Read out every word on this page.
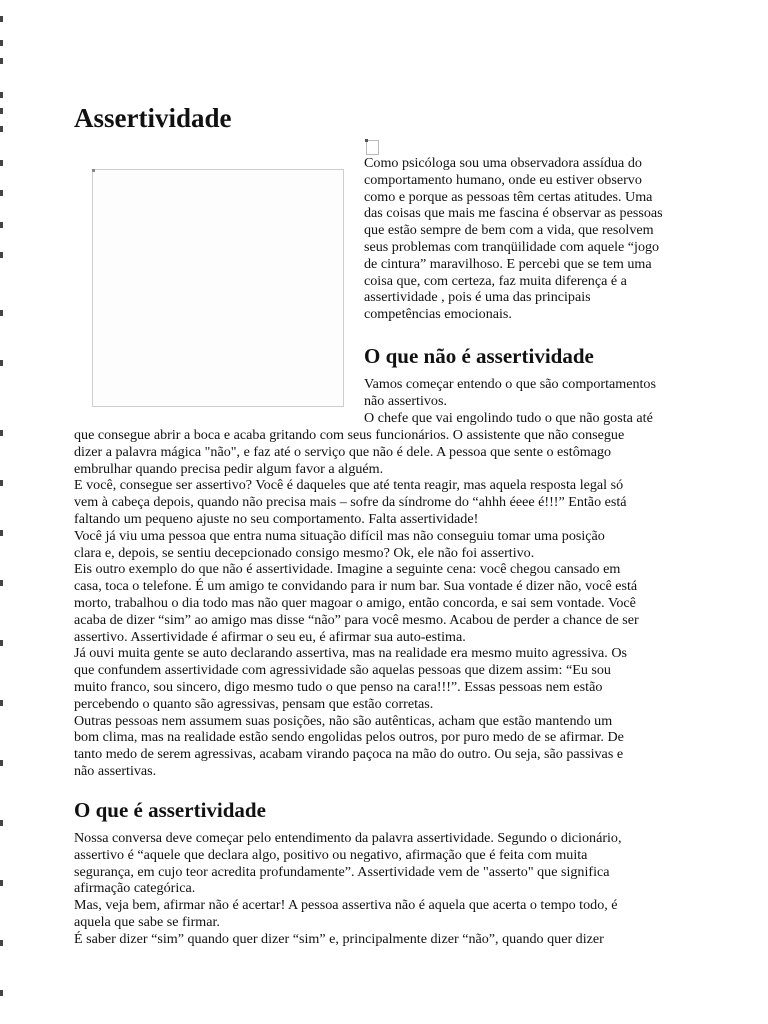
Assertividade
Como psicóloga sou uma observadora assídua do
comportamento humano, onde eu estiver observo
como e porque as pessoas têm certas atitudes. Uma
das coisas que mais me fascina é observar as pessoas
que estão sempre de bem com a vida, que resolvem
seus problemas com tranqüilidade com aquele “jogo
de cintura” maravilhoso. E percebi que se tem uma
coisa que, com certeza, faz muita diferença é a
assertividade , pois é uma das principais
competências emocionais.
O que não é assertividade
Vamos começar entendo o que são comportamentos
não assertivos.
O chefe que vai engolindo tudo o que não gosta até
que consegue abrir a boca e acaba gritando com seus funcionários. O assistente que não consegue
dizer a palavra mágica "não", e faz até o serviço que não é dele. A pessoa que sente o estômago
embrulhar quando precisa pedir algum favor a alguém.
E você, consegue ser assertivo? Você é daqueles que até tenta reagir, mas aquela resposta legal só
vem à cabeça depois, quando não precisa mais – sofre da síndrome do “ahhh éeee é!!!” Então está
faltando um pequeno ajuste no seu comportamento. Falta assertividade!
Você já viu uma pessoa que entra numa situação difícil mas não conseguiu tomar uma posição
clara e, depois, se sentiu decepcionado consigo mesmo? Ok, ele não foi assertivo.
Eis outro exemplo do que não é assertividade. Imagine a seguinte cena: você chegou cansado em
casa, toca o telefone. É um amigo te convidando para ir num bar. Sua vontade é dizer não, você está
morto, trabalhou o dia todo mas não quer magoar o amigo, então concorda, e sai sem vontade. Você
acaba de dizer “sim” ao amigo mas disse “não” para você mesmo. Acabou de perder a chance de ser
assertivo. Assertividade é afirmar o seu eu, é afirmar sua auto-estima.
Já ouvi muita gente se auto declarando assertiva, mas na realidade era mesmo muito agressiva. Os
que confundem assertividade com agressividade são aquelas pessoas que dizem assim: “Eu sou
muito franco, sou sincero, digo mesmo tudo o que penso na cara!!!”. Essas pessoas nem estão
percebendo o quanto são agressivas, pensam que estão corretas.
Outras pessoas nem assumem suas posições, não são autênticas, acham que estão mantendo um
bom clima, mas na realidade estão sendo engolidas pelos outros, por puro medo de se afirmar. De
tanto medo de serem agressivas, acabam virando paçoca na mão do outro. Ou seja, são passivas e
não assertivas.
O que é assertividade
Nossa conversa deve começar pelo entendimento da palavra assertividade. Segundo o dicionário,
assertivo é “aquele que declara algo, positivo ou negativo, afirmação que é feita com muita
segurança, em cujo teor acredita profundamente”. Assertividade vem de "asserto" que significa
afirmação categórica.
Mas, veja bem, afirmar não é acertar! A pessoa assertiva não é aquela que acerta o tempo todo, é
aquela que sabe se firmar.
É saber dizer “sim” quando quer dizer “sim” e, principalmente dizer “não”, quando quer dizer
